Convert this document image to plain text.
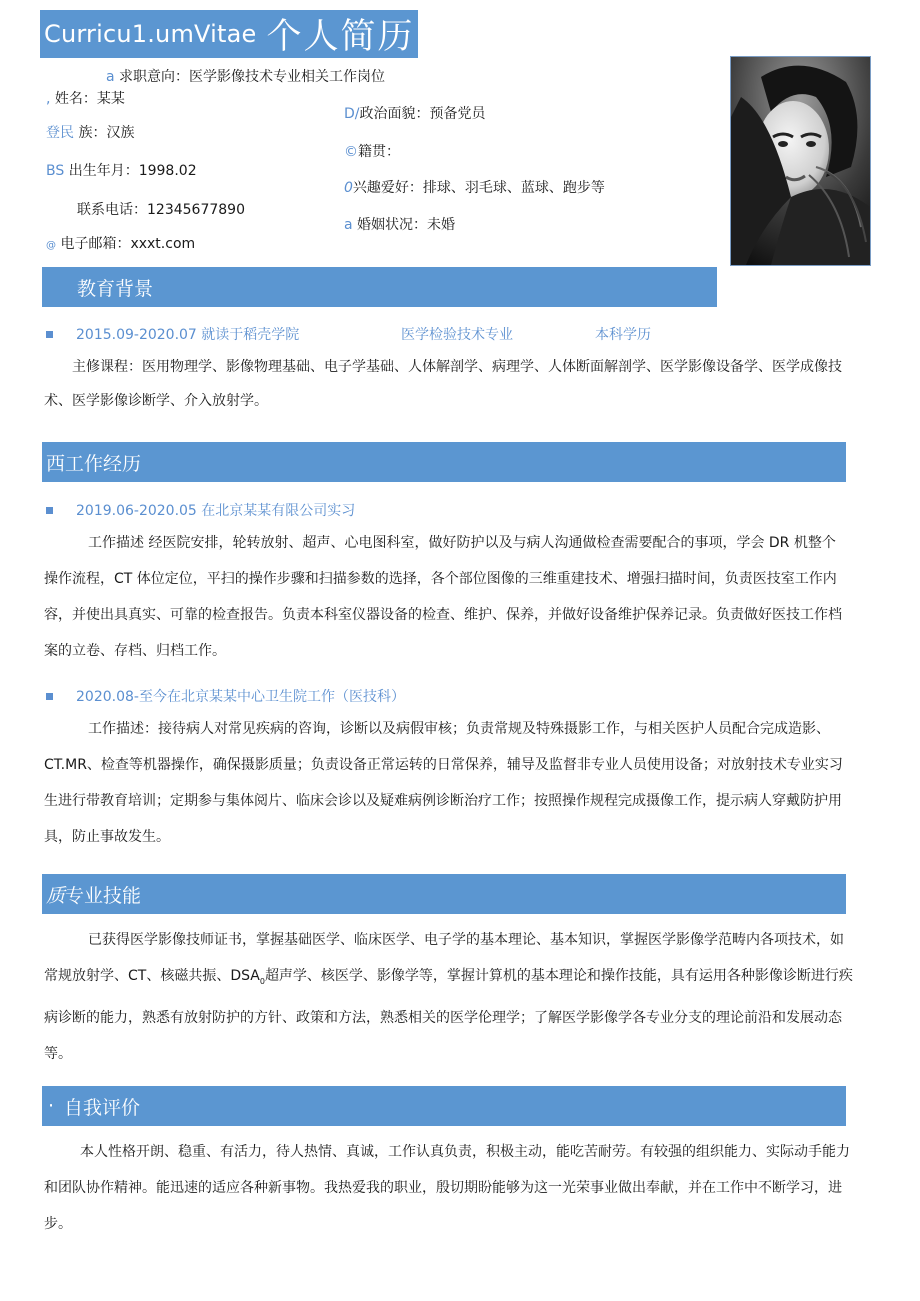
Curricu1.umVitae 个人简历
a 求职意向：医学影像技术专业相关工作岗位
, 姓名：某某
登民 族：汉族
BS 出生年月：1998.02
联系电话：12345677890
@ 电子邮箱：xxxt.com
D/政治面貌：预备党员
©籍贯：
0兴趣爱好：排球、羽毛球、蓝球、跑步等
a 婚姻状况：未婚
教育背景
2015.09-2020.07 就读于稻壳学院	医学检验技术专业	本科学历
主修课程：医用物理学、影像物理基础、电子学基础、人体解剖学、病理学、人体断面解剖学、医学影像设备学、医学成像技术、医学影像诊断学、介入放射学。
西工作经历
2019.06-2020.05 在北京某某有限公司实习
工作描述 经医院安排，轮转放射、超声、心电图科室，做好防护以及与病人沟通做检查需要配合的事项，学会 DR 机整个操作流程，CT 体位定位，平扫的操作步骤和扫描参数的选择，各个部位图像的三维重建技术、增强扫描时间，负责医技室工作内容，并使出具真实、可靠的检查报告。负责本科室仪器设备的检查、维护、保养，并做好设备维护保养记录。负责做好医技工作档案的立卷、存档、归档工作。
2020.08-至今在北京某某中心卫生院工作（医技科）
工作描述：接待病人对常见疾病的咨询，诊断以及病假审核；负责常规及特殊摄影工作，与相关医护人员配合完成造影、CT.MR、检查等机器操作，确保摄影质量；负责设备正常运转的日常保养，辅导及监督非专业人员使用设备；对放射技术专业实习生进行带教育培训；定期参与集体阅片、临床会诊以及疑难病例诊断治疗工作；按照操作规程完成摄像工作，提示病人穿戴防护用具，防止事故发生。
质 专业技能
已获得医学影像技师证书，掌握基础医学、临床医学、电子学的基本理论、基本知识，掌握医学影像学范畴内各项技术，如常规放射学、CT、核磁共振、$DSA_0$超声学、核医学、影像学等，掌握计算机的基本理论和操作技能，具有运用各种影像诊断进行疾病诊断的能力，熟悉有放射防护的方针、政策和方法，熟悉相关的医学伦理学；了解医学影像学各专业分支的理论前沿和发展动态等。
· 自我评价
本人性格开朗、稳重、有活力，待人热情、真诚，工作认真负责，积极主动，能吃苦耐劳。有较强的组织能力、实际动手能力和团队协作精神。能迅速的适应各种新事物。我热爱我的职业，殷切期盼能够为这一光荣事业做出奉献，并在工作中不断学习，进步。
